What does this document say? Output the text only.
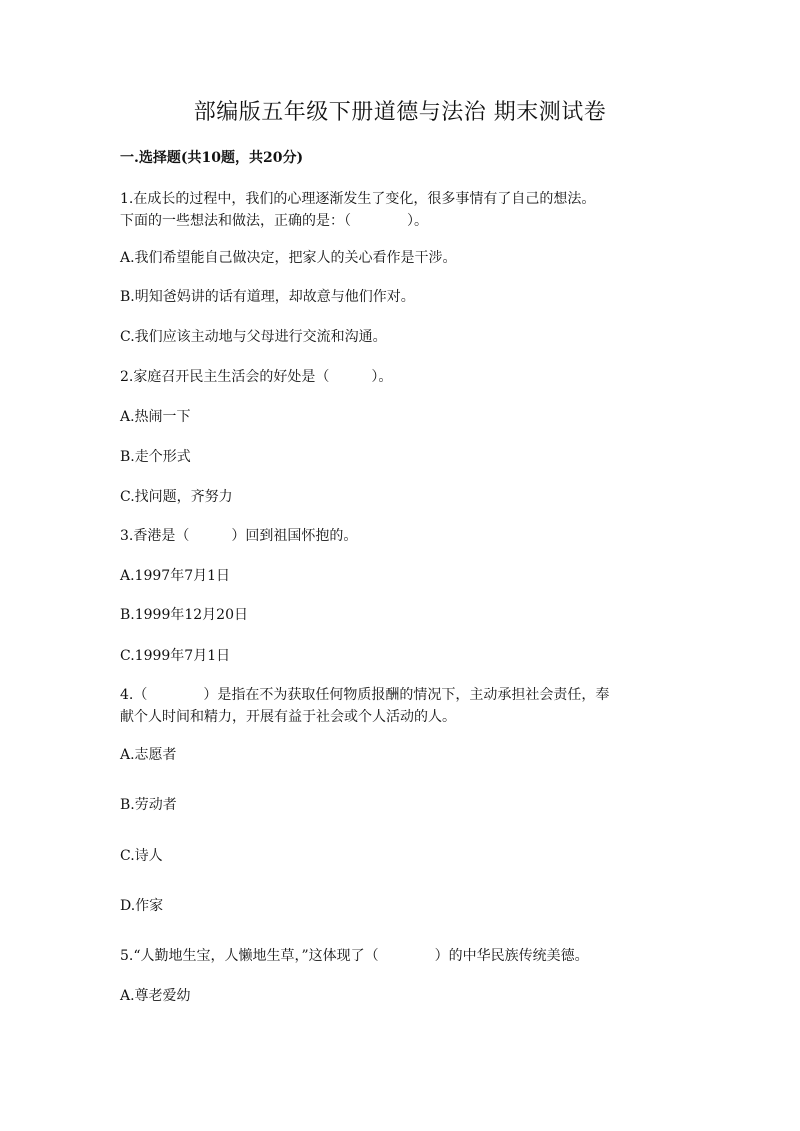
部编版五年级下册道德与法治 期末测试卷
一.选择题(共10题，共20分)
1.在成长的过程中，我们的心理逐渐发生了变化，很多事情有了自己的想法。
下面的一些想法和做法，正确的是：（　　　　）。
A.我们希望能自己做决定，把家人的关心看作是干涉。
B.明知爸妈讲的话有道理，却故意与他们作对。
C.我们应该主动地与父母进行交流和沟通。
2.家庭召开民主生活会的好处是（　　　）。
A.热闹一下
B.走个形式
C.找问题，齐努力
3.香港是（　　　）回到祖国怀抱的。
A.1997年7月1日
B.1999年12月20日
C.1999年7月1日
4.（　　　　）是指在不为获取任何物质报酬的情况下，主动承担社会责任，奉
献个人时间和精力，开展有益于社会或个人活动的人。
A.志愿者
B.劳动者
C.诗人
D.作家
5.“人勤地生宝，人懒地生草，”这体现了（　　　　）的中华民族传统美德。
A.尊老爱幼
